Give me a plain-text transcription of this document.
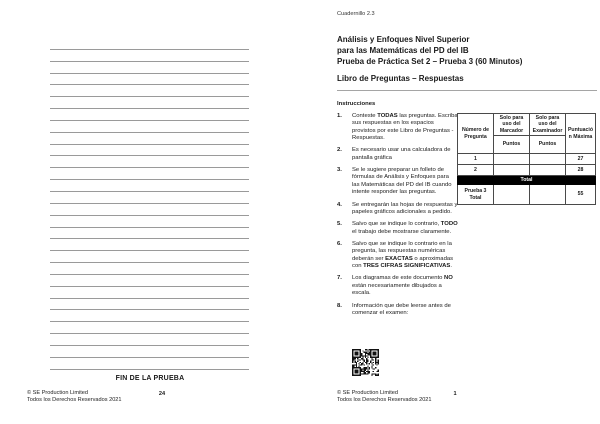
FIN DE LA PRUEBA
© SE Production Limited
Todos los Derechos Reservados 2021
24
Cuadernillo 2.3
Análisis y Enfoques Nivel Superior
para las Matemáticas del PD del IB
Prueba de Práctica Set 2 – Prueba 3 (60 Minutos)
Libro de Preguntas – Respuestas
Instrucciones
1.	Conteste TODAS las preguntas. Escriba sus respuestas en los espacios provistos por este Libro de Preguntas - Respuestas.
2.	Es necesario usar una calculadora de pantalla gráfica
3.	Se le sugiere preparar un folleto de fórmulas de Análisis y Enfoques para las Matemáticas del PD del IB cuando intente responder las preguntas.
4.	Se entregarán las hojas de respuestas y papeles gráficos adicionales a pedido.
5.	Salvo que se indique lo contrario, TODO el trabajo debe mostrarse claramente.
6.	Salvo que se indique lo contrario en la pregunta, las respuestas numéricas deberán ser EXACTAS o aproximadas con TRES CIFRAS SIGNIFICATIVAS.
7.	Los diagramas de este documento NO están necesariamente dibujados a escala.
8.	Información que debe leerse antes de comenzar el examen:
Número de Pregunta	Solo para uso del Marcador	Solo para uso del Examinador	Puntuación Máxima
	Puntos	Puntos	
1			27
2			28
Total			
Prueba 3 Total			55
© SE Production Limited
Todos los Derechos Reservados 2021
1
